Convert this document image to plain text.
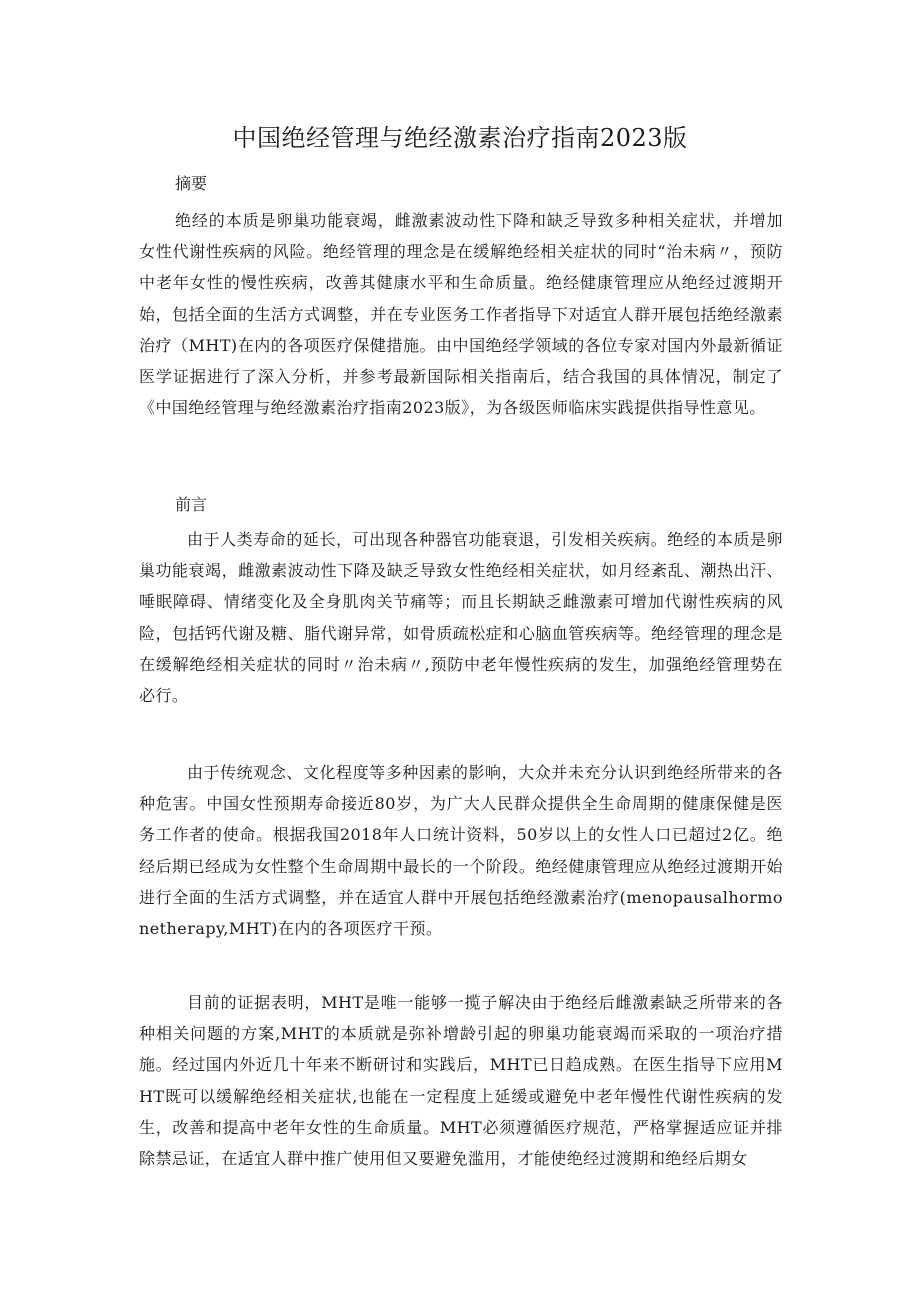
中国绝经管理与绝经激素治疗指南2023版
摘要
绝经的本质是卵巢功能衰竭，雌激素波动性下降和缺乏导致多种相关症状，并增加女性代谢性疾病的风险。绝经管理的理念是在缓解绝经相关症状的同时“治未病〃，预防中老年女性的慢性疾病，改善其健康水平和生命质量。绝经健康管理应从绝经过渡期开始，包括全面的生活方式调整，并在专业医务工作者指导下对适宜人群开展包括绝经激素治疗（MHT)在内的各项医疗保健措施。由中国绝经学领域的各位专家对国内外最新循证医学证据进行了深入分析，并参考最新国际相关指南后，结合我国的具体情况，制定了《中国绝经管理与绝经激素治疗指南2023版》，为各级医师临床实践提供指导性意见。
前言
由于人类寿命的延长，可出现各种器官功能衰退，引发相关疾病。绝经的本质是卵巢功能衰竭，雌激素波动性下降及缺乏导致女性绝经相关症状，如月经紊乱、潮热出汗、唾眠障碍、情绪变化及全身肌肉关节痛等；而且长期缺乏雌激素可增加代谢性疾病的风险，包括钙代谢及糖、脂代谢异常，如骨质疏松症和心脑血管疾病等。绝经管理的理念是在缓解绝经相关症状的同时〃治未病〃,预防中老年慢性疾病的发生，加强绝经管理势在必行。
由于传统观念、文化程度等多种因素的影响，大众并未充分认识到绝经所带来的各种危害。中国女性预期寿命接近80岁，为广大人民群众提供全生命周期的健康保健是医务工作者的使命。根据我国2018年人口统计资料，50岁以上的女性人口已超过2亿。绝经后期已经成为女性整个生命周期中最长的一个阶段。绝经健康管理应从绝经过渡期开始进行全面的生活方式调整，并在适宜人群中开展包括绝经激素治疗(menopausalhormonetherapy,MHT)在内的各项医疗干预。
目前的证据表明，MHT是唯一能够一揽子解决由于绝经后雌激素缺乏所带来的各种相关问题的方案,MHT的本质就是弥补增龄引起的卵巢功能衰竭而采取的一项治疗措施。经过国内外近几十年来不断研讨和实践后，MHT已日趋成熟。在医生指导下应用MHT既可以缓解绝经相关症状,也能在一定程度上延缓或避免中老年慢性代谢性疾病的发生，改善和提高中老年女性的生命质量。MHT必须遵循医疗规范，严格掌握适应证并排除禁忌证，在适宜人群中推广使用但又要避免滥用，才能使绝经过渡期和绝经后期女
